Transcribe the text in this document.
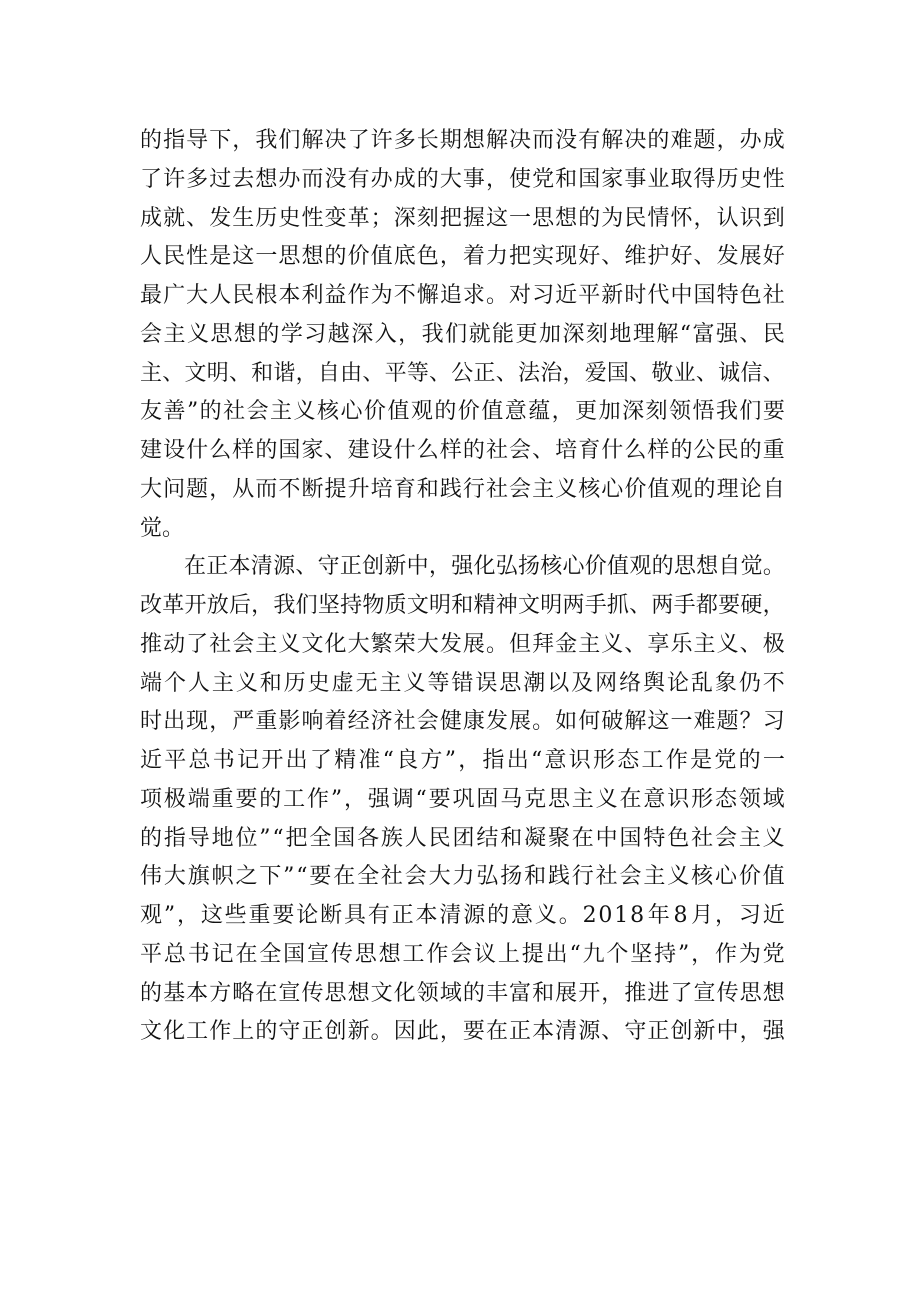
的 指 导 下 ， 我 们 解 决 了 许 多 长 期 想 解 决 而 没 有 解 决 的 难 题 ， 办 成
了 许 多 过 去 想 办 而 没 有 办 成 的 大 事 ， 使 党 和 国 家 事 业 取 得 历 史 性
成 就 、 发 生 历 史 性 变 革 ； 深 刻 把 握 这 一 思 想 的 为 民 情 怀 ， 认 识 到
人 民 性 是 这 一 思 想 的 价 值 底 色 ， 着 力 把 实 现 好 、 维 护 好 、 发 展 好
最 广 大 人 民 根 本 利 益 作 为 不 懈 追 求 。 对 习 近 平 新 时 代 中 国 特 色 社
会 主 义 思 想 的 学 习 越 深 入 ， 我 们 就 能 更 加 深 刻 地 理 解 “ 富 强 、 民
主 、 文 明 、 和 谐 ， 自 由 、 平 等 、 公 正 、 法 治 ， 爱 国 、 敬 业 、 诚 信 、
友 善 ” 的 社 会 主 义 核 心 价 值 观 的 价 值 意 蕴 ， 更 加 深 刻 领 悟 我 们 要
建 设 什 么 样 的 国 家 、 建 设 什 么 样 的 社 会 、 培 育 什 么 样 的 公 民 的 重
大 问 题 ， 从 而 不 断 提 升 培 育 和 践 行 社 会 主 义 核 心 价 值 观 的 理 论 自
觉。
在 正 本 清 源 、 守 正 创 新 中 ， 强 化 弘 扬 核 心 价 值 观 的 思 想 自 觉 。
改 革 开 放 后 ， 我 们 坚 持 物 质 文 明 和 精 神 文 明 两 手 抓 、 两 手 都 要 硬 ，
推 动 了 社 会 主 义 文 化 大 繁 荣 大 发 展 。 但 拜 金 主 义 、 享 乐 主 义 、 极
端 个 人 主 义 和 历 史 虚 无 主 义 等 错 误 思 潮 以 及 网 络 舆 论 乱 象 仍 不
时 出 现 ， 严 重 影 响 着 经 济 社 会 健 康 发 展 。 如 何 破 解 这 一 难 题 ？ 习
近 平 总 书 记 开 出 了 精 准 “ 良 方 ” ， 指 出 “ 意 识 形 态 工 作 是 党 的 一
项 极 端 重 要 的 工 作 ” ， 强 调 “ 要 巩 固 马 克 思 主 义 在 意 识 形 态 领 域
的 指 导 地 位 ” “ 把 全 国 各 族 人 民 团 结 和 凝 聚 在 中 国 特 色 社 会 主 义
伟 大 旗 帜 之 下 ” “ 要 在 全 社 会 大 力 弘 扬 和 践 行 社 会 主 义 核 心 价 值
观 ” ， 这 些 重 要 论 断 具 有 正 本 清 源 的 意 义 。 2 0 1 8 年 8 月 ， 习 近
平 总 书 记 在 全 国 宣 传 思 想 工 作 会 议 上 提 出 “ 九 个 坚 持 ” ， 作 为 党
的 基 本 方 略 在 宣 传 思 想 文 化 领 域 的 丰 富 和 展 开 ， 推 进 了 宣 传 思 想
文 化 工 作 上 的 守 正 创 新 。 因 此 ， 要 在 正 本 清 源 、 守 正 创 新 中 ， 强
